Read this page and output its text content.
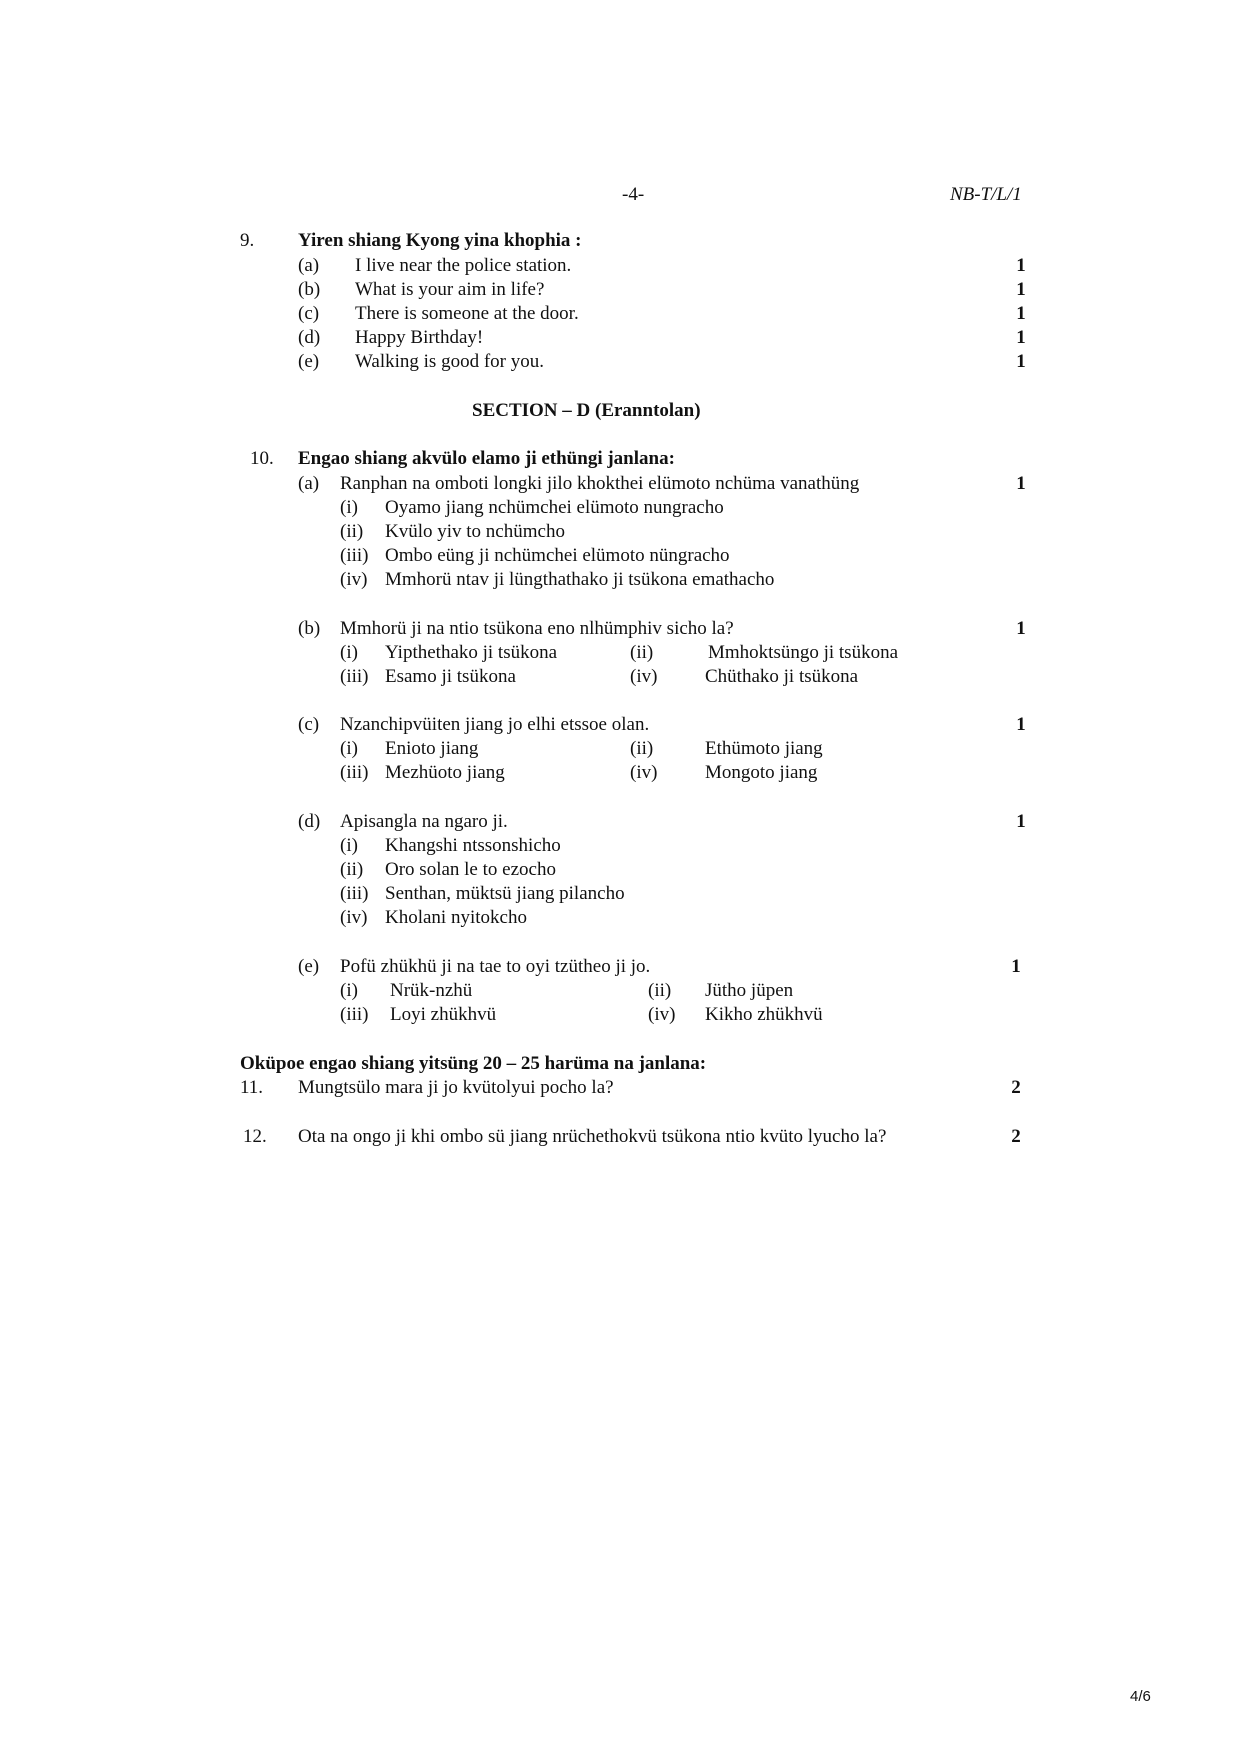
-4-	NB-T/L/1
9. Yiren shiang Kyong yina khophia :
(a) I live near the police station.	1
(b) What is your aim in life?	1
(c) There is someone at the door.	1
(d) Happy Birthday!	1
(e) Walking is good for you.	1
SECTION – D (Eranntolan)
10. Engao shiang akvülo elamo ji ethüngi janlana:
(a) Ranphan na omboti longki jilo khokthei elümoto nchüma vanathüng	1
(i) Oyamo jiang nchümchei elümoto nungracho
(ii) Kvülo yiv to nchümcho
(iii) Ombo eüng ji nchümchei elümoto nüngracho
(iv) Mmhorü ntav ji lüngthathako ji tsükona emathacho
(b) Mmhorü ji na ntio tsükona eno nlhümphiv sicho la?	1
(i) Yipthethako ji tsükona	(ii)	Mmhoktsüngo ji tsükona
(iii) Esamo ji tsükona	(iv)	Chüthako ji tsükona
(c) Nzanchipvüiten jiang jo elhi etssoe olan.	1
(i) Enioto jiang	(ii)	Ethümoto jiang
(iii) Mezhüoto jiang	(iv)	Mongoto jiang
(d) Apisangla na ngaro ji.	1
(i) Khangshi ntssonshicho
(ii) Oro solan le to ezocho
(iii) Senthan, müktsü jiang pilancho
(iv) Kholani nyitokcho
(e) Pofü zhükhü ji na tae to oyi tzütheo ji jo.	1
(i) Nrük-nzhü	(ii) Jütho jüpen
(iii) Loyi zhükhvü	(iv) Kikho zhükhvü
Oküpoe engao shiang yitsüng 20 – 25 harüma na janlana:
11. Mungtsülo mara ji jo kvütolyui pocho la?	2
12. Ota na ongo ji khi ombo sü jiang nrüchethokvü tsükona ntio kvüto lyucho la?	2
4/6
